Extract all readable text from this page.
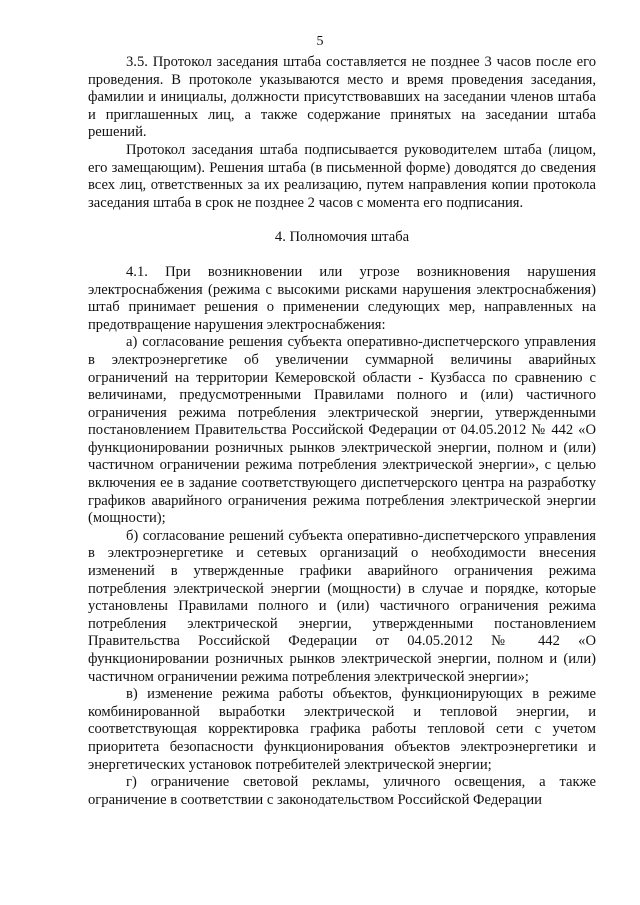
5

3.5. Протокол заседания штаба составляется не позднее 3 часов после его проведения. В протоколе указываются место и время проведения заседания, фамилии и инициалы, должности присутствовавших на заседании членов штаба и приглашенных лиц, а также содержание принятых на заседании штаба решений.

Протокол заседания штаба подписывается руководителем штаба (лицом, его замещающим). Решения штаба (в письменной форме) доводятся до сведения всех лиц, ответственных за их реализацию, путем направления копии протокола заседания штаба в срок не позднее 2 часов с момента его подписания.

4. Полномочия штаба

4.1. При возникновении или угрозе возникновения нарушения электроснабжения (режима с высокими рисками нарушения электроснабжения) штаб принимает решения о применении следующих мер, направленных на предотвращение нарушения электроснабжения:

а) согласование решения субъекта оперативно-диспетчерского управления в электроэнергетике об увеличении суммарной величины аварийных ограничений на территории Кемеровской области - Кузбасса по сравнению с величинами, предусмотренными Правилами полного и (или) частичного ограничения режима потребления электрической энергии, утвержденными постановлением Правительства Российской Федерации от 04.05.2012 № 442 «О функционировании розничных рынков электрической энергии, полном и (или) частичном ограничении режима потребления электрической энергии», с целью включения ее в задание соответствующего диспетчерского центра на разработку графиков аварийного ограничения режима потребления электрической энергии (мощности);

б) согласование решений субъекта оперативно-диспетчерского управления в электроэнергетике и сетевых организаций о необходимости внесения изменений в утвержденные графики аварийного ограничения режима потребления электрической энергии (мощности) в случае и порядке, которые установлены Правилами полного и (или) частичного ограничения режима потребления электрической энергии, утвержденными постановлением Правительства Российской Федерации от 04.05.2012 № 442 «О функционировании розничных рынков электрической энергии, полном и (или) частичном ограничении режима потребления электрической энергии»;

в) изменение режима работы объектов, функционирующих в режиме комбинированной выработки электрической и тепловой энергии, и соответствующая корректировка графика работы тепловой сети с учетом приоритета безопасности функционирования объектов электроэнергетики и энергетических установок потребителей электрической энергии;

г) ограничение световой рекламы, уличного освещения, а также ограничение в соответствии с законодательством Российской Федерации
